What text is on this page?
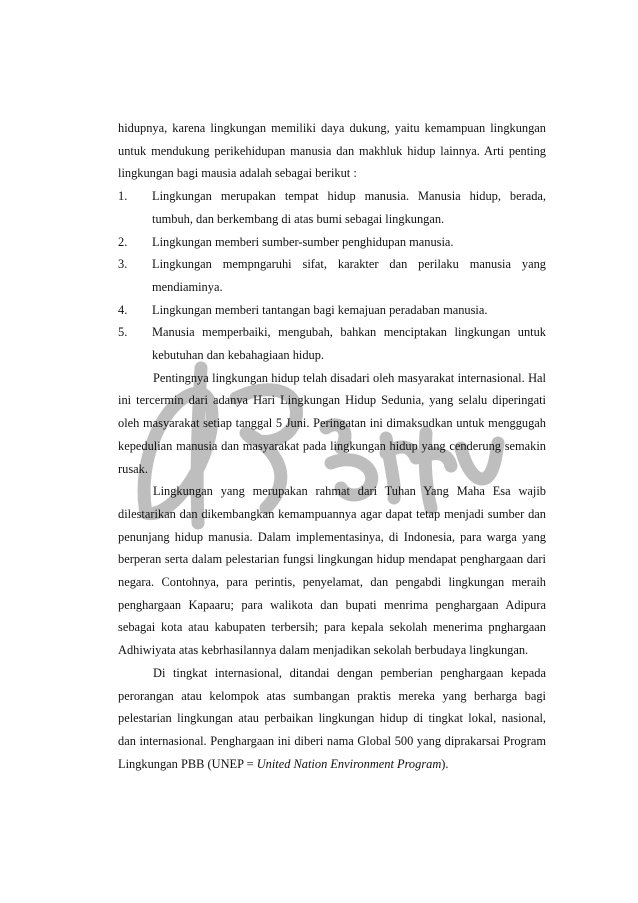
hidupnya, karena lingkungan memiliki daya dukung, yaitu kemampuan lingkungan untuk mendukung perikehidupan manusia dan makhluk hidup lainnya. Arti penting lingkungan bagi mausia adalah sebagai berikut :

1. Lingkungan merupakan tempat hidup manusia. Manusia hidup, berada, tumbuh, dan berkembang di atas bumi sebagai lingkungan.
2. Lingkungan memberi sumber-sumber penghidupan manusia.
3. Lingkungan mempngaruhi sifat, karakter dan perilaku manusia yang mendiaminya.
4. Lingkungan memberi tantangan bagi kemajuan peradaban manusia.
5. Manusia memperbaiki, mengubah, bahkan menciptakan lingkungan untuk kebutuhan dan kebahagiaan hidup.

Pentingnya lingkungan hidup telah disadari oleh masyarakat internasional. Hal ini tercermin dari adanya Hari Lingkungan Hidup Sedunia, yang selalu diperingati oleh masyarakat setiap tanggal 5 Juni. Peringatan ini dimaksudkan untuk menggugah kepedulian manusia dan masyarakat pada lingkungan hidup yang cenderung semakin rusak.

Lingkungan yang merupakan rahmat dari Tuhan Yang Maha Esa wajib dilestarikan dan dikembangkan kemampuannya agar dapat tetap menjadi sumber dan penunjang hidup manusia. Dalam implementasinya, di Indonesia, para warga yang berperan serta dalam pelestarian fungsi lingkungan hidup mendapat penghargaan dari negara. Contohnya, para perintis, penyelamat, dan pengabdi lingkungan meraih penghargaan Kapaaru; para walikota dan bupati menrima penghargaan Adipura sebagai kota atau kabupaten terbersih; para kepala sekolah menerima pnghargaan Adhiwiyata atas kebrhasilannya dalam menjadikan sekolah berbudaya lingkungan.

Di tingkat internasional, ditandai dengan pemberian penghargaan kepada perorangan atau kelompok atas sumbangan praktis mereka yang berharga bagi pelestarian lingkungan atau perbaikan lingkungan hidup di tingkat lokal, nasional, dan internasional. Penghargaan ini diberi nama Global 500 yang diprakarsai Program Lingkungan PBB (UNEP = United Nation Environment Program).
